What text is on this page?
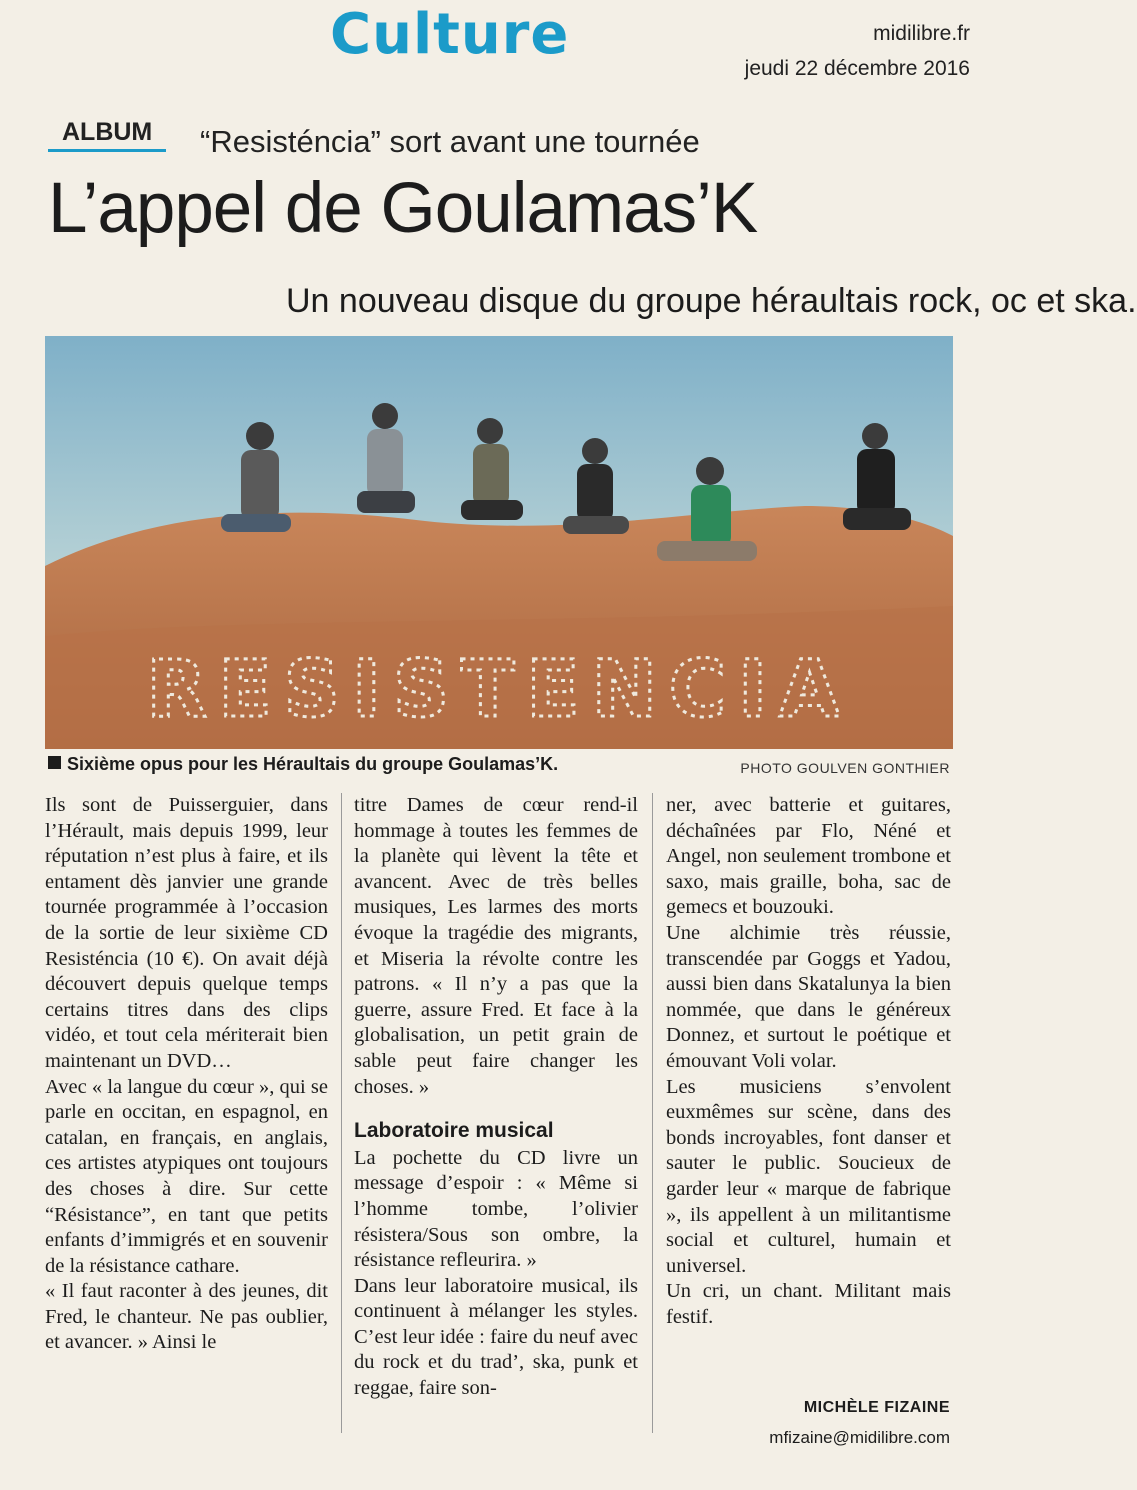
Culture	midilibre.fr
jeudi 22 décembre 2016
ALBUM	“Resisténcia” sort avant une tournée
L’appel de Goulamas’K
Un nouveau disque du groupe héraultais rock, oc et ska.
RESISTENCIA
Sixième opus pour les Héraultais du groupe Goulamas’K.	PHOTO GOULVEN GONTHIER

Ils sont de Puisserguier, dans l’Hérault, mais depuis 1999, leur réputation n’est plus à faire, et ils entament dès janvier une grande tournée programmée à l’occasion de la sortie de leur sixième CD Resisténcia (10 €). On avait déjà découvert depuis quelque temps certains titres dans des clips vidéo, et tout cela mériterait bien maintenant un DVD…

Avec « la langue du cœur », qui se parle en occitan, en espagnol, en catalan, en français, en anglais, ces artistes atypiques ont toujours des choses à dire. Sur cette “Résistance”, en tant que petits enfants d’immigrés et en souvenir de la résistance cathare.

« Il faut raconter à des jeunes, dit Fred, le chanteur. Ne pas oublier, et avancer. » Ainsi le

titre Dames de cœur rend-il hommage à toutes les femmes de la planète qui lèvent la tête et avancent. Avec de très belles musiques, Les larmes des morts évoque la tragédie des migrants, et Miseria la révolte contre les patrons. « Il n’y a pas que la guerre, assure Fred. Et face à la globalisation, un petit grain de sable peut faire changer les choses. »

Laboratoire musical

La pochette du CD livre un message d’espoir : « Même si l’homme tombe, l’olivier résistera/Sous son ombre, la résistance refleurira. »

Dans leur laboratoire musical, ils continuent à mélanger les styles. C’est leur idée : faire du neuf avec du rock et du trad’, ska, punk et reggae, faire son-

ner, avec batterie et guitares, déchaînées par Flo, Néné et Angel, non seulement trombone et saxo, mais graille, boha, sac de gemecs et bouzouki.

Une alchimie très réussie, transcendée par Goggs et Yadou, aussi bien dans Skatalunya la bien nommée, que dans le généreux Donnez, et surtout le poétique et émouvant Voli volar.

Les musiciens s’envolent euxmêmes sur scène, dans des bonds incroyables, font danser et sauter le public. Soucieux de garder leur « marque de fabrique », ils appellent à un militantisme social et culturel, humain et universel.

Un cri, un chant. Militant mais festif.

MICHÈLE FIZAINE
mfizaine@midilibre.com
